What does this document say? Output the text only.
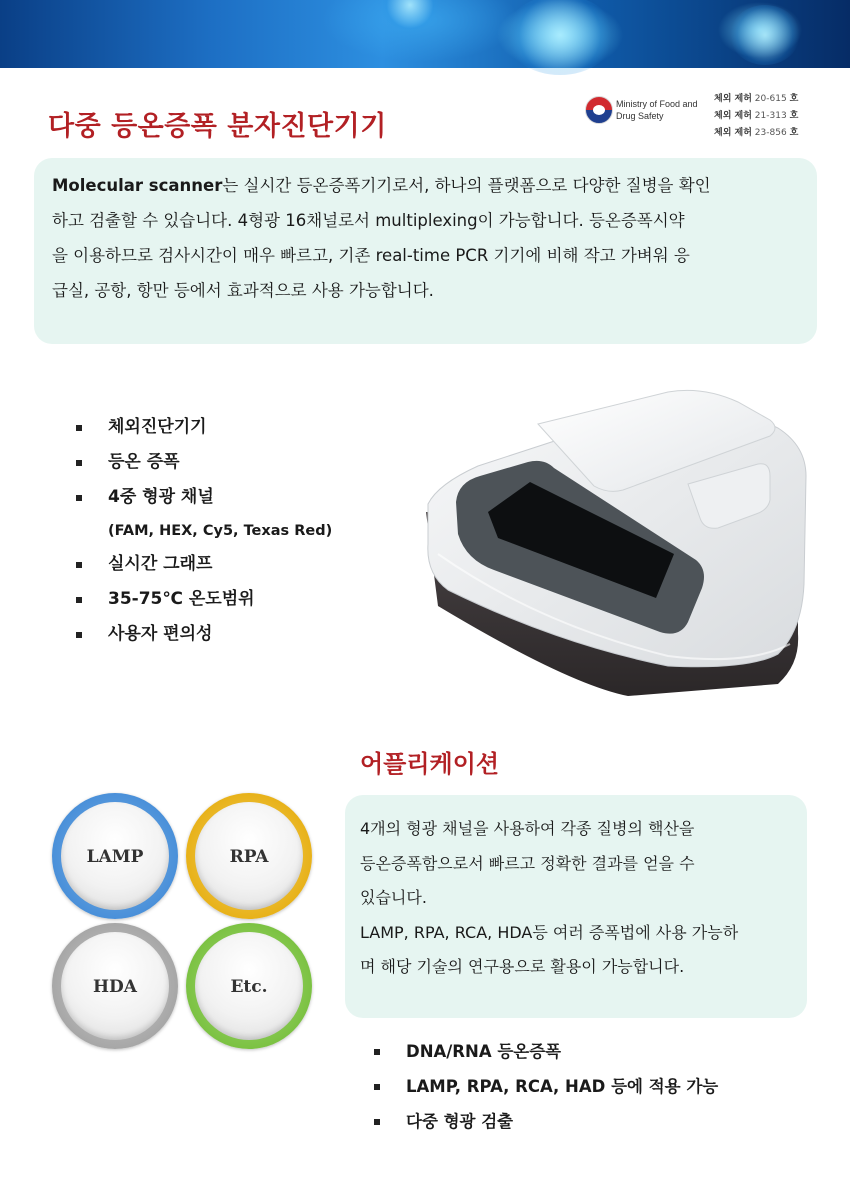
다중 등온증폭 분자진단기기
Ministry of Food and
Drug Safety
체외 제허 20-615 호
체외 제허 21-313 호
체외 제허 23-856 호
Molecular scanner는 실시간 등온증폭기기로서, 하나의 플랫폼으로 다양한 질병을 확인
하고 검출할 수 있습니다. 4형광 16채널로서 multiplexing이 가능합니다. 등온증폭시약
을 이용하므로 검사시간이 매우 빠르고, 기존 real-time PCR 기기에 비해 작고 가벼워 응
급실, 공항, 항만 등에서 효과적으로 사용 가능합니다.
체외진단기기
등온 증폭
4중 형광 채널
(FAM, HEX, Cy5, Texas Red)
실시간 그래프
35-75℃ 온도범위
사용자 편의성
어플리케이션
LAMP	RPA
HDA	Etc.
4개의 형광 채널을 사용하여 각종 질병의 핵산을
등온증폭함으로서 빠르고 정확한 결과를 얻을 수
있습니다.
LAMP, RPA, RCA, HDA등 여러 증폭법에 사용 가능하
며 해당 기술의 연구용으로 활용이 가능합니다.
DNA/RNA 등온증폭
LAMP, RPA, RCA, HAD 등에 적용 가능
다중 형광 검출
